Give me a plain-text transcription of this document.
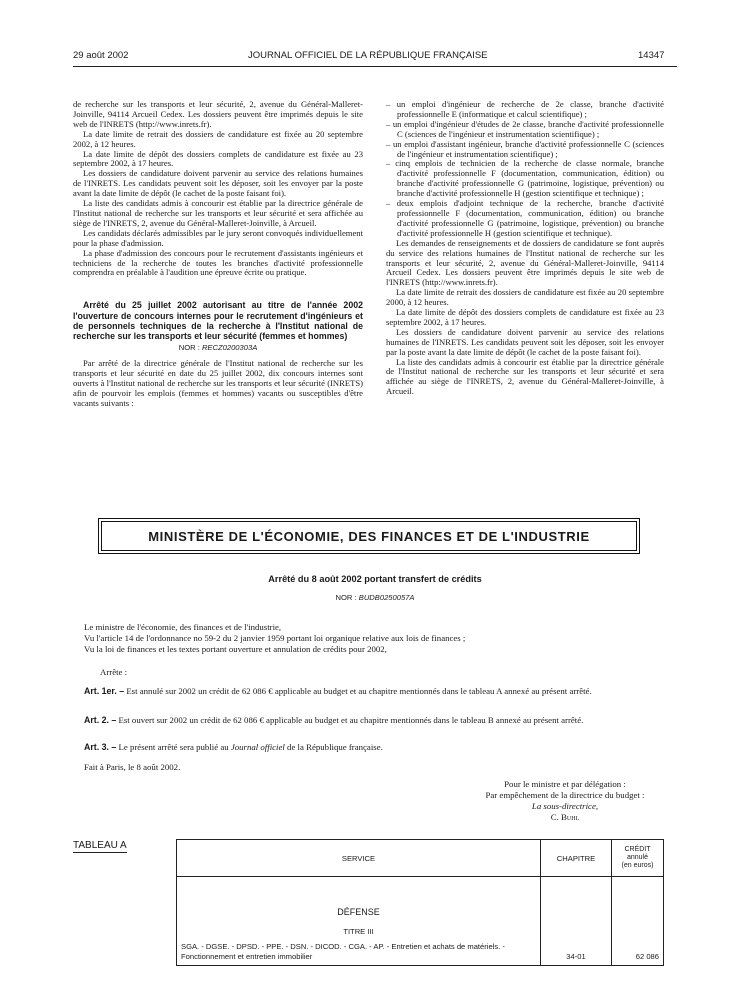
29 août 2002	JOURNAL OFFICIEL DE LA RÉPUBLIQUE FRANÇAISE	14347

de recherche sur les transports et leur sécurité, 2, avenue du Général-Malleret-Joinville, 94114 Arcueil Cedex. Les dossiers peuvent être imprimés depuis le site web de l'INRETS (http://www.inrets.fr).

La date limite de retrait des dossiers de candidature est fixée au 20 septembre 2002, à 12 heures.

La date limite de dépôt des dossiers complets de candidature est fixée au 23 septembre 2002, à 17 heures.

Les dossiers de candidature doivent parvenir au service des relations humaines de l'INRETS. Les candidats peuvent soit les déposer, soit les envoyer par la poste avant la date limite de dépôt (le cachet de la poste faisant foi).

La liste des candidats admis à concourir est établie par la directrice générale de l'Institut national de recherche sur les transports et leur sécurité et sera affichée au siège de l'INRETS, 2, avenue du Général-Malleret-Joinville, à Arcueil.

Les candidats déclarés admissibles par le jury seront convoqués individuellement pour la phase d'admission.

La phase d'admission des concours pour le recrutement d'assistants ingénieurs et techniciens de la recherche de toutes les branches d'activité professionnelle comprendra en préalable à l'audition une épreuve écrite ou pratique.

Arrêté du 25 juillet 2002 autorisant au titre de l'année 2002 l'ouverture de concours internes pour le recrutement d'ingénieurs et de personnels techniques de la recherche à l'Institut national de recherche sur les transports et leur sécurité (femmes et hommes)

NOR : RECZ0200303A

Par arrêté de la directrice générale de l'Institut national de recherche sur les transports et leur sécurité en date du 25 juillet 2002, dix concours internes sont ouverts à l'Institut national de recherche sur les transports et leur sécurité (INRETS) afin de pourvoir les emplois (femmes et hommes) vacants ou susceptibles d'être vacants suivants :

– un emploi d'ingénieur de recherche de 2e classe, branche d'activité professionnelle E (informatique et calcul scientifique) ;
– un emploi d'ingénieur d'études de 2e classe, branche d'activité professionnelle C (sciences de l'ingénieur et instrumentation scientifique) ;
– un emploi d'assistant ingénieur, branche d'activité professionnelle C (sciences de l'ingénieur et instrumentation scientifique) ;
– cinq emplois de technicien de la recherche de classe normale, branche d'activité professionnelle F (documentation, communication, édition) ou branche d'activité professionnelle G (patrimoine, logistique, prévention) ou branche d'activité professionnelle H (gestion scientifique et technique) ;
– deux emplois d'adjoint technique de la recherche, branche d'activité professionnelle F (documentation, communication, édition) ou branche d'activité professionnelle G (patrimoine, logistique, prévention) ou branche d'activité professionnelle H (gestion scientifique et technique).

Les demandes de renseignements et de dossiers de candidature se font auprès du service des relations humaines de l'Institut national de recherche sur les transports et leur sécurité, 2, avenue du Général-Malleret-Joinville, 94114 Arcueil Cedex. Les dossiers peuvent être imprimés depuis le site web de l'INRETS (http://www.inrets.fr).

La date limite de retrait des dossiers de candidature est fixée au 20 septembre 2000, à 12 heures.

La date limite de dépôt des dossiers complets de candidature est fixée au 23 septembre 2002, à 17 heures.

Les dossiers de candidature doivent parvenir au service des relations humaines de l'INRETS. Les candidats peuvent soit les déposer, soit les envoyer par la poste avant la date limite de dépôt (le cachet de la poste faisant foi).

La liste des candidats admis à concourir est établie par la directrice générale de l'Institut national de recherche sur les transports et leur sécurité et sera affichée au siège de l'INRETS, 2, avenue du Général-Malleret-Joinville, à Arcueil.

MINISTÈRE DE L'ÉCONOMIE, DES FINANCES ET DE L'INDUSTRIE
Arrêté du 8 août 2002 portant transfert de crédits
NOR : BUDB0250057A

Le ministre de l'économie, des finances et de l'industrie,

Vu l'article 14 de l'ordonnance no 59-2 du 2 janvier 1959 portant loi organique relative aux lois de finances ;

Vu la loi de finances et les textes portant ouverture et annulation de crédits pour 2002,

Arrête :

Art. 1er. – Est annulé sur 2002 un crédit de 62 086 € applicable au budget et au chapitre mentionnés dans le tableau A annexé au présent arrêté.

Art. 2. – Est ouvert sur 2002 un crédit de 62 086 € applicable au budget et au chapitre mentionnés dans le tableau B annexé au présent arrêté.

Art. 3. – Le présent arrêté sera publié au Journal officiel de la République française.

Fait à Paris, le 8 août 2002.
Pour le ministre et par délégation :
Par empêchement de la directrice du budget :
La sous-directrice,
C. Buhl
TABLEAU A
SERVICE	CHAPITRE	CRÉDIT
annulé
(en euros)

DÉFENSE
TITRE III
SGA. - DGSE. - DPSD. - PPE. - DSN. - DICOD. - CGA. - AP. - Entretien et achats de matériels. - Fonctionnement et entretien immobilier	34-01	62 086
